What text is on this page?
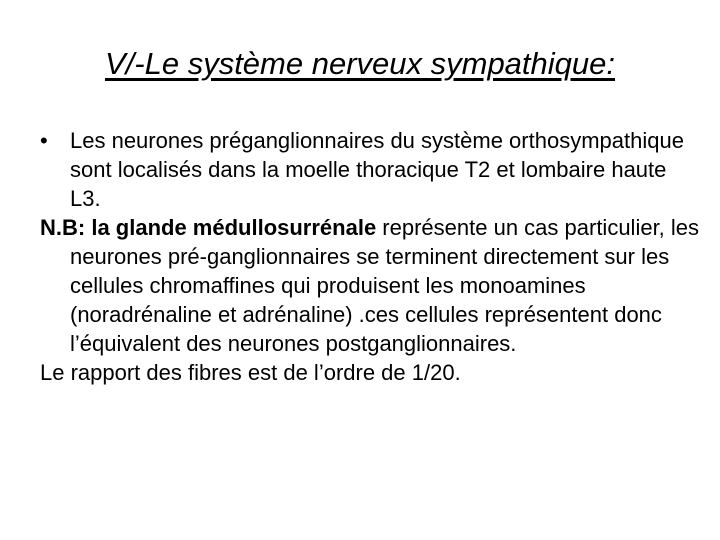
V/-Le système nerveux sympathique:

• Les neurones préganglionnaires du système orthosympathique sont localisés dans la moelle thoracique T2 et lombaire haute L3.

N.B: la glande médullosurrénale représente un cas particulier, les neurones pré-ganglionnaires se terminent directement sur les cellules chromaffines qui produisent les monoamines (noradrénaline et adrénaline) .ces cellules représentent donc l’équivalent des neurones postganglionnaires.

Le rapport des fibres est de l’ordre de 1/20.
